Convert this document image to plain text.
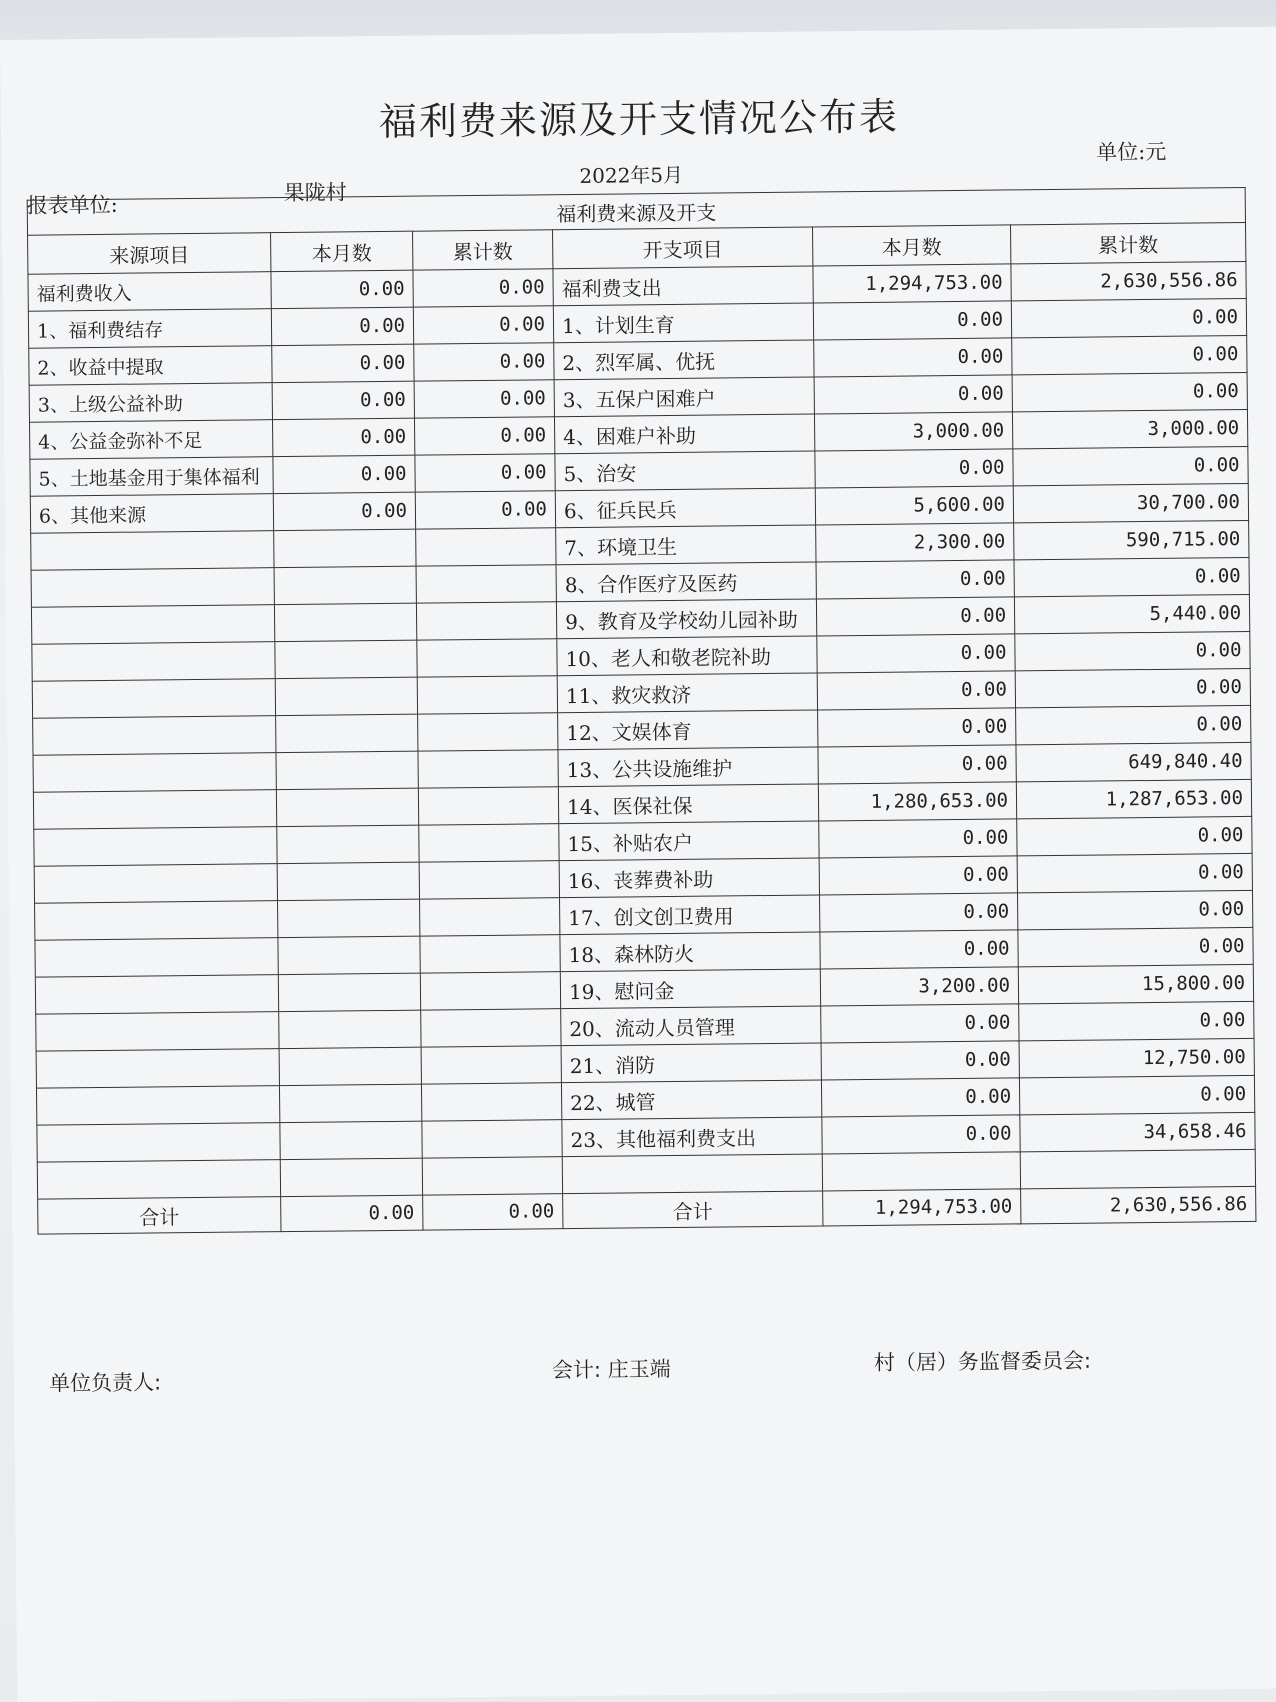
福利费来源及开支情况公布表
单位:元
报表单位:
果陇村
2022年5月
福利费来源及开支					
来源项目	本月数	累计数	开支项目	本月数	累计数
福利费收入	0.00	0.00	福利费支出	1,294,753.00	2,630,556.86
1、福利费结存	0.00	0.00	1、计划生育	0.00	0.00
2、收益中提取	0.00	0.00	2、烈军属、优抚	0.00	0.00
3、上级公益补助	0.00	0.00	3、五保户困难户	0.00	0.00
4、公益金弥补不足	0.00	0.00	4、困难户补助	3,000.00	3,000.00
5、土地基金用于集体福利	0.00	0.00	5、治安	0.00	0.00
6、其他来源	0.00	0.00	6、征兵民兵	5,600.00	30,700.00
			7、环境卫生	2,300.00	590,715.00
			8、合作医疗及医药	0.00	0.00
			9、教育及学校幼儿园补助	0.00	5,440.00
			10、老人和敬老院补助	0.00	0.00
			11、救灾救济	0.00	0.00
			12、文娱体育	0.00	0.00
			13、公共设施维护	0.00	649,840.40
			14、医保社保	1,280,653.00	1,287,653.00
			15、补贴农户	0.00	0.00
			16、丧葬费补助	0.00	0.00
			17、创文创卫费用	0.00	0.00
			18、森林防火	0.00	0.00
			19、慰问金	3,200.00	15,800.00
			20、流动人员管理	0.00	0.00
			21、消防	0.00	12,750.00
			22、城管	0.00	0.00
			23、其他福利费支出	0.00	34,658.46

合计	0.00	0.00	合计	1,294,753.00	2,630,556.86
单位负责人:
会计: 庄玉端	村（居）务监督委员会:
